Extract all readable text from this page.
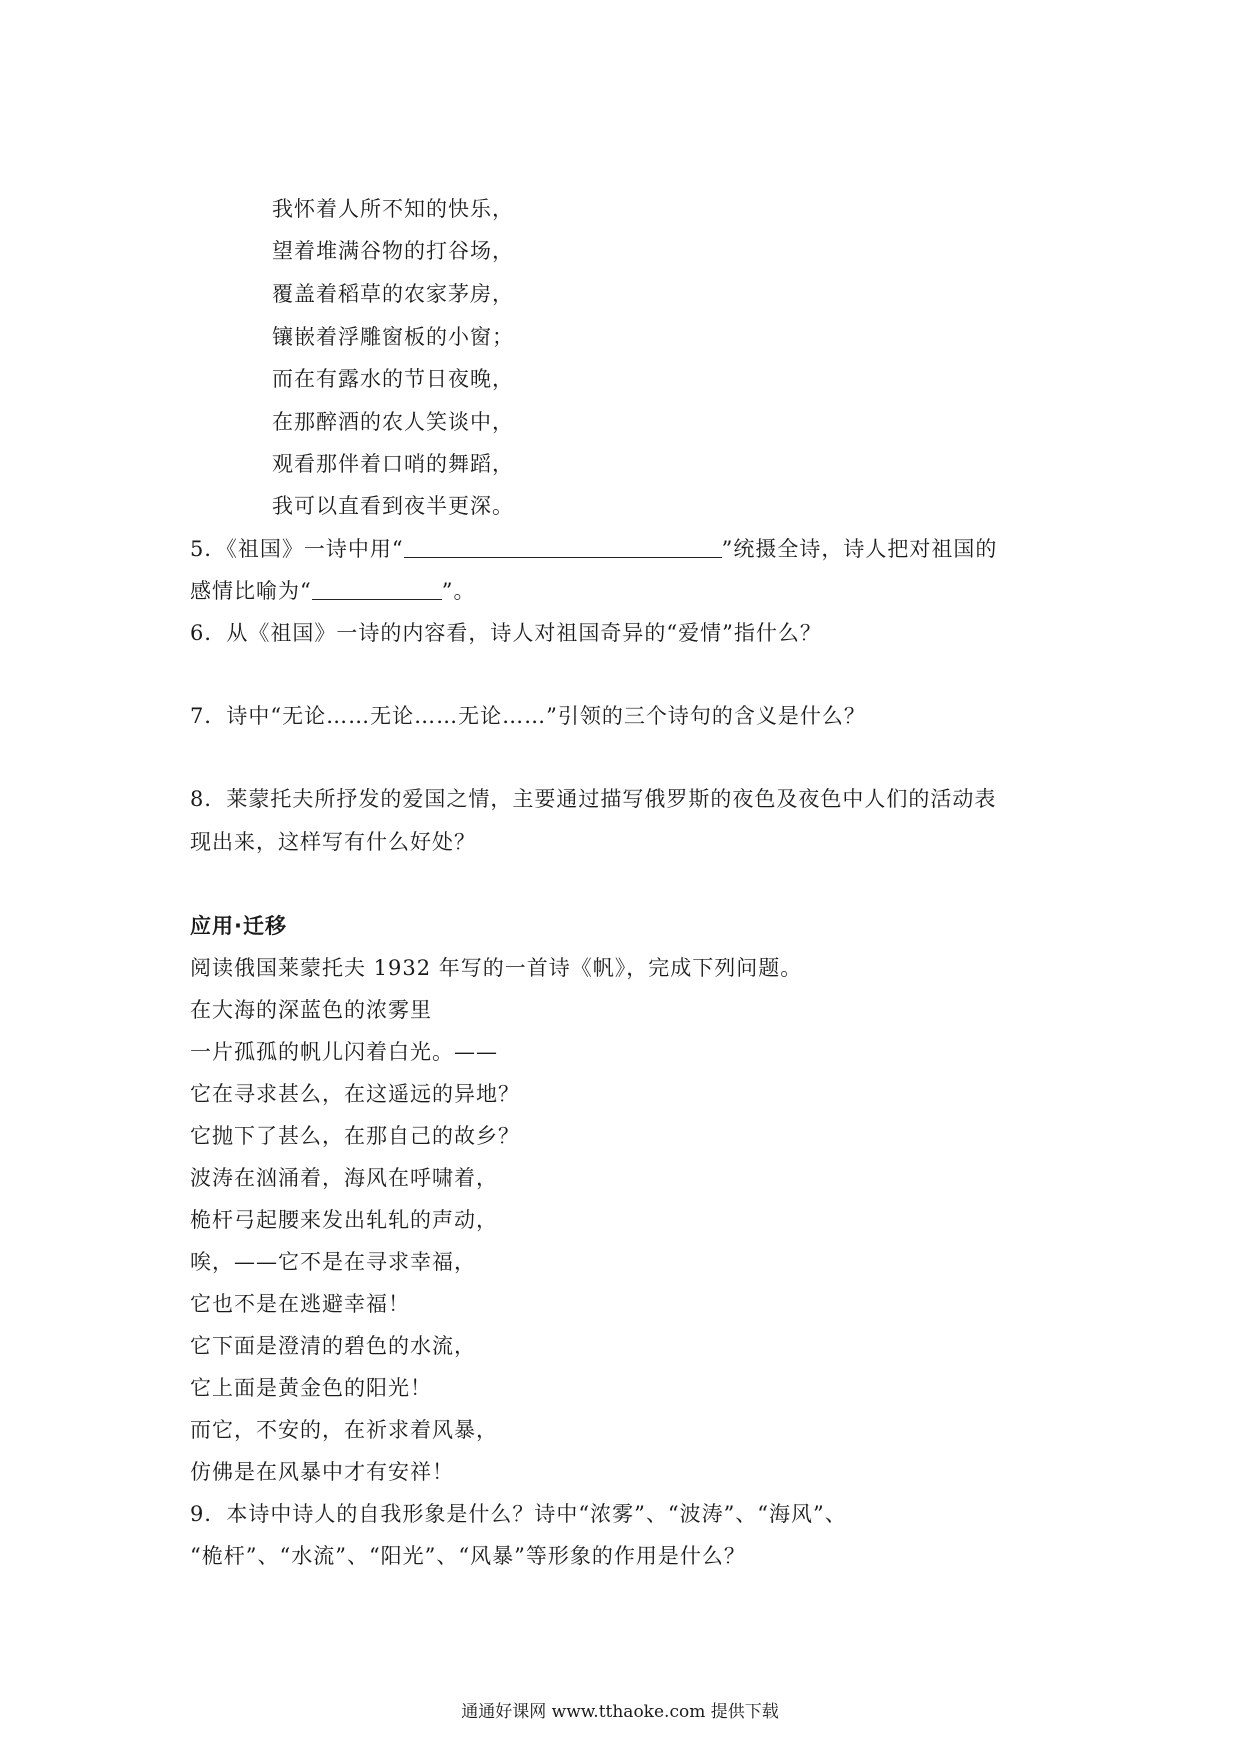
我怀着人所不知的快乐，
望着堆满谷物的打谷场，
覆盖着稻草的农家茅房，
镶嵌着浮雕窗板的小窗；
而在有露水的节日夜晚，
在那醉酒的农人笑谈中，
观看那伴着口哨的舞蹈，
我可以直看到夜半更深。
5．《祖国》一诗中用“	”统摄全诗，诗人把对祖国的
感情比喻为“	”。
6．从《祖国》一诗的内容看，诗人对祖国奇异的“爱情”指什么？
7．诗中“无论……无论……无论……”引领的三个诗句的含义是什么？
8．莱蒙托夫所抒发的爱国之情，主要通过描写俄罗斯的夜色及夜色中人们的活动表
现出来，这样写有什么好处？
应用·迁移
阅读俄国莱蒙托夫 1932 年写的一首诗《帆》，完成下列问题。
在大海的深蓝色的浓雾里
一片孤孤的帆儿闪着白光。——
它在寻求甚么，在这遥远的异地？
它抛下了甚么，在那自己的故乡？
波涛在汹涌着，海风在呼啸着，
桅杆弓起腰来发出轧轧的声动，
唉，——它不是在寻求幸福，
它也不是在逃避幸福！
它下面是澄清的碧色的水流，
它上面是黄金色的阳光！
而它，不安的，在祈求着风暴，
仿佛是在风暴中才有安祥！
9．本诗中诗人的自我形象是什么？诗中“浓雾”、“波涛”、“海风”、
“桅杆”、“水流”、“阳光”、“风暴”等形象的作用是什么？
通通好课网 www.tthaoke.com 提供下载
